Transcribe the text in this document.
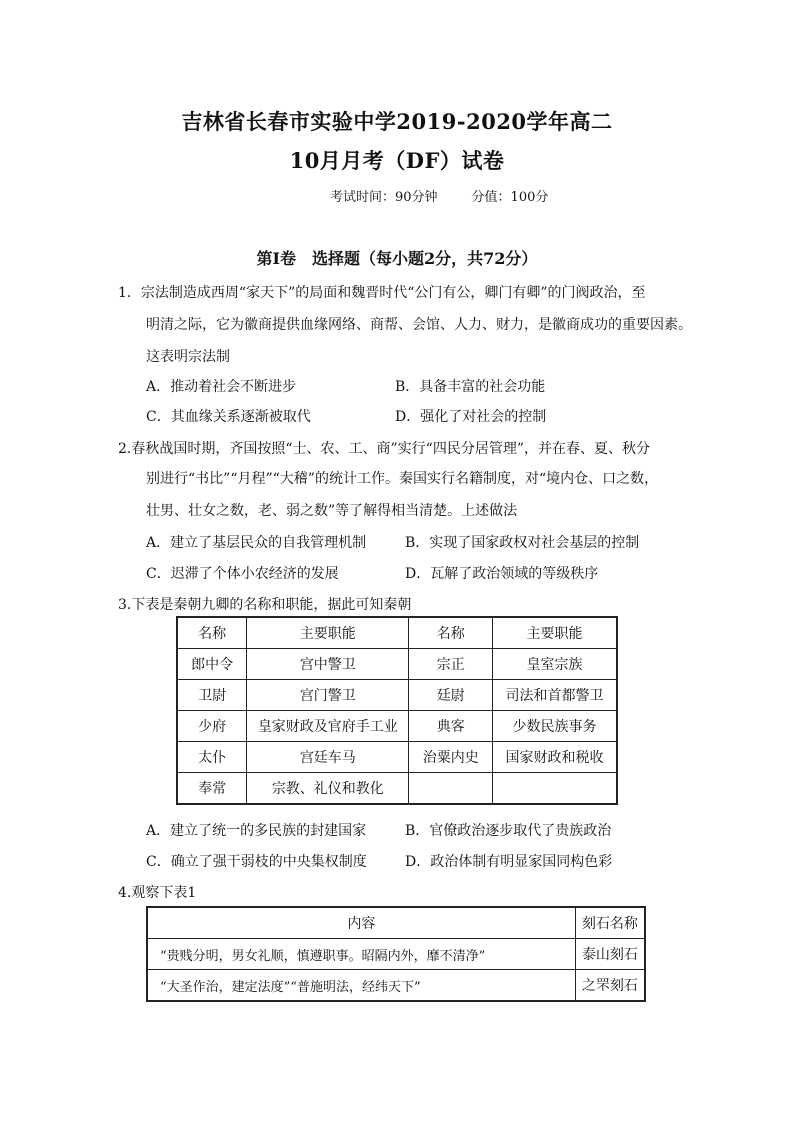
吉林省长春市实验中学2019-2020学年高二
10月月考（DF）试卷
考试时间：90分钟	分值：100分
第Ⅰ卷　选择题（每小题2分，共72分）
1．宗法制造成西周“家天下”的局面和魏晋时代“公门有公，卿门有卿”的门阀政治，至
明清之际，它为徽商提供血缘网络、商帮、会馆、人力、财力，是徽商成功的重要因素。
这表明宗法制
A．推动着社会不断进步	B．具备丰富的社会功能
C．其血缘关系逐渐被取代	D．强化了对社会的控制
2.春秋战国时期，齐国按照“士、农、工、商”实行“四民分居管理”，并在春、夏、秋分
别进行“书比”“月程”“大稽”的统计工作。秦国实行名籍制度，对“境内仓、口之数，
壮男、壮女之数，老、弱之数”等了解得相当清楚。上述做法
A．建立了基层民众的自我管理机制	B．实现了国家政权对社会基层的控制
C．迟滞了个体小农经济的发展	D．瓦解了政治领域的等级秩序
3.下表是秦朝九卿的名称和职能，据此可知秦朝
名称	主要职能	名称	主要职能
郎中令	宫中警卫	宗正	皇室宗族
卫尉	宫门警卫	廷尉	司法和首都警卫
少府	皇家财政及官府手工业	典客	少数民族事务
太仆	宫廷车马	治粟内史	国家财政和税收
奉常	宗教、礼仪和教化		
A．建立了统一的多民族的封建国家	B．官僚政治逐步取代了贵族政治
C．确立了强干弱枝的中央集权制度	D．政治体制有明显家国同构色彩
4.观察下表1
内容	刻石名称
“贵贱分明，男女礼顺，慎遵职事。昭隔内外，靡不清净”	泰山刻石
“大圣作治，建定法度”“普施明法，经纬天下”	之罘刻石
